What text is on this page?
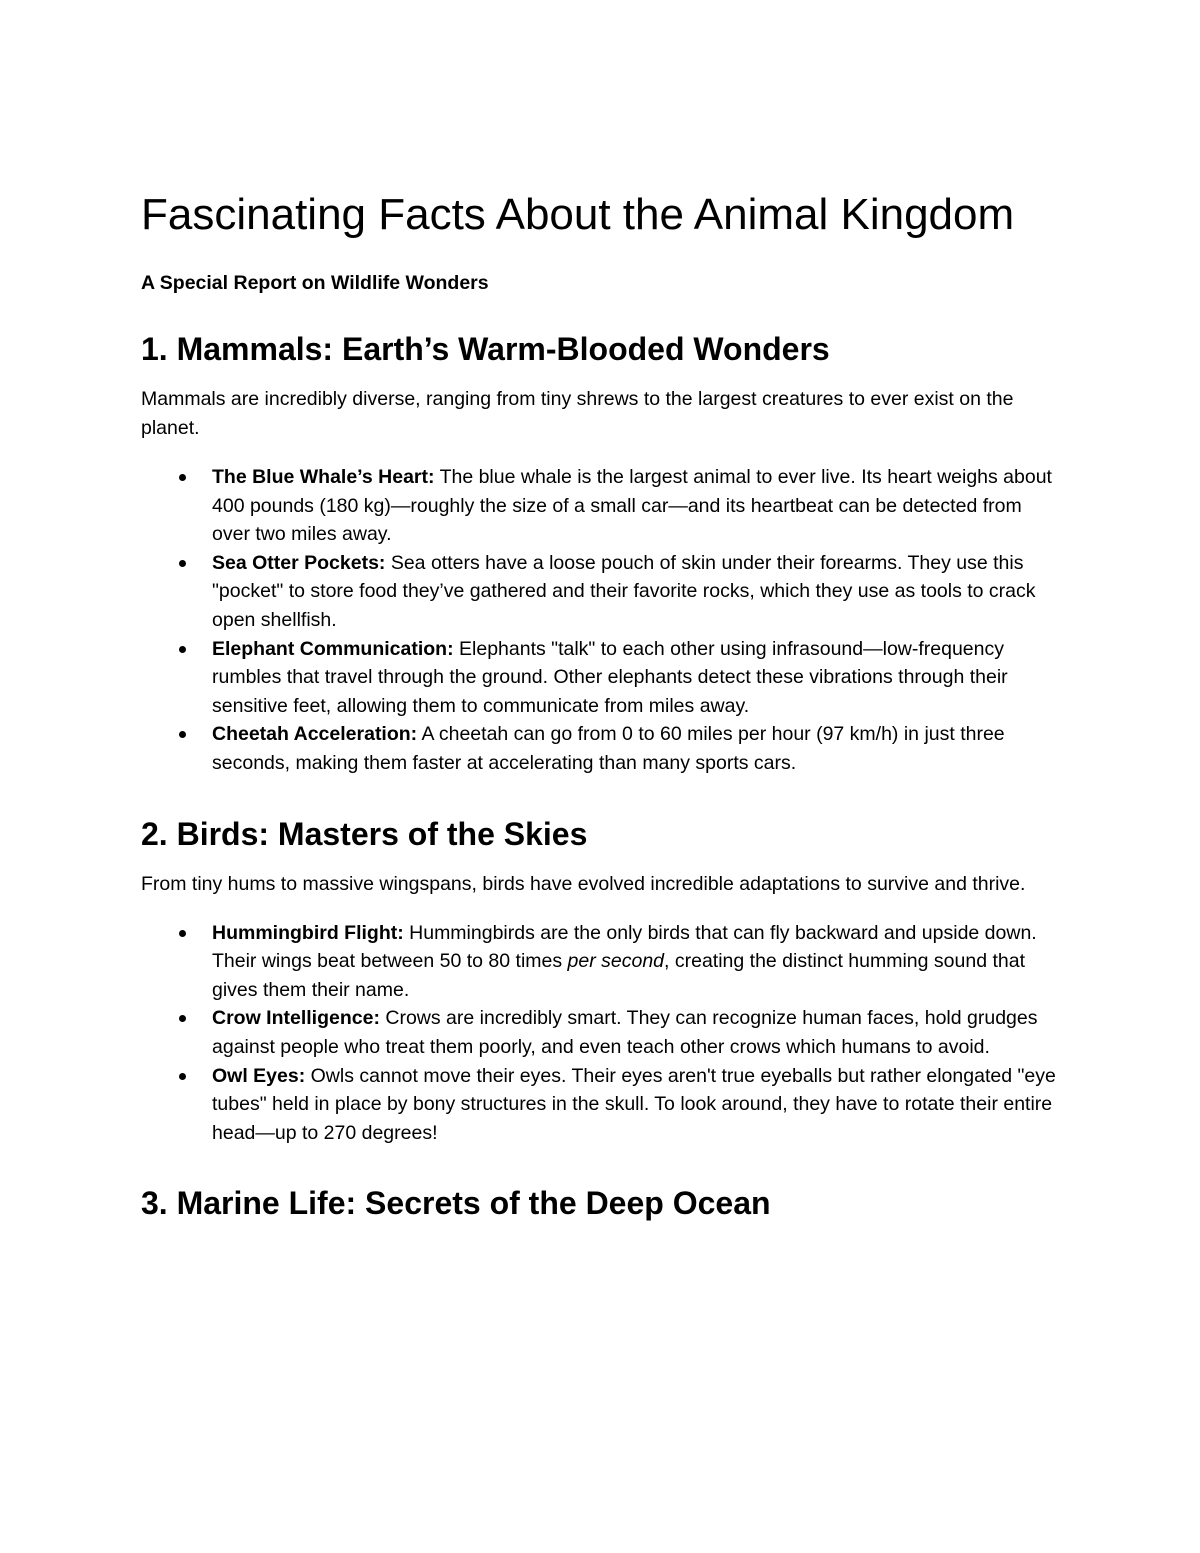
Fascinating Facts About the Animal Kingdom
A Special Report on Wildlife Wonders
1. Mammals: Earth’s Warm-Blooded Wonders

Mammals are incredibly diverse, ranging from tiny shrews to the largest creatures to ever exist on the planet.

The Blue Whale’s Heart: The blue whale is the largest animal to ever live. Its heart weighs about 400 pounds (180 kg)—roughly the size of a small car—and its heartbeat can be detected from over two miles away.
Sea Otter Pockets: Sea otters have a loose pouch of skin under their forearms. They use this "pocket" to store food they’ve gathered and their favorite rocks, which they use as tools to crack open shellfish.
Elephant Communication: Elephants "talk" to each other using infrasound—low-frequency rumbles that travel through the ground. Other elephants detect these vibrations through their sensitive feet, allowing them to communicate from miles away.
Cheetah Acceleration: A cheetah can go from 0 to 60 miles per hour (97 km/h) in just three seconds, making them faster at accelerating than many sports cars.
2. Birds: Masters of the Skies

From tiny hums to massive wingspans, birds have evolved incredible adaptations to survive and thrive.

Hummingbird Flight: Hummingbirds are the only birds that can fly backward and upside down. Their wings beat between 50 to 80 times per second, creating the distinct humming sound that gives them their name.
Crow Intelligence: Crows are incredibly smart. They can recognize human faces, hold grudges against people who treat them poorly, and even teach other crows which humans to avoid.
Owl Eyes: Owls cannot move their eyes. Their eyes aren't true eyeballs but rather elongated "eye tubes" held in place by bony structures in the skull. To look around, they have to rotate their entire head—up to 270 degrees!
3. Marine Life: Secrets of the Deep Ocean
